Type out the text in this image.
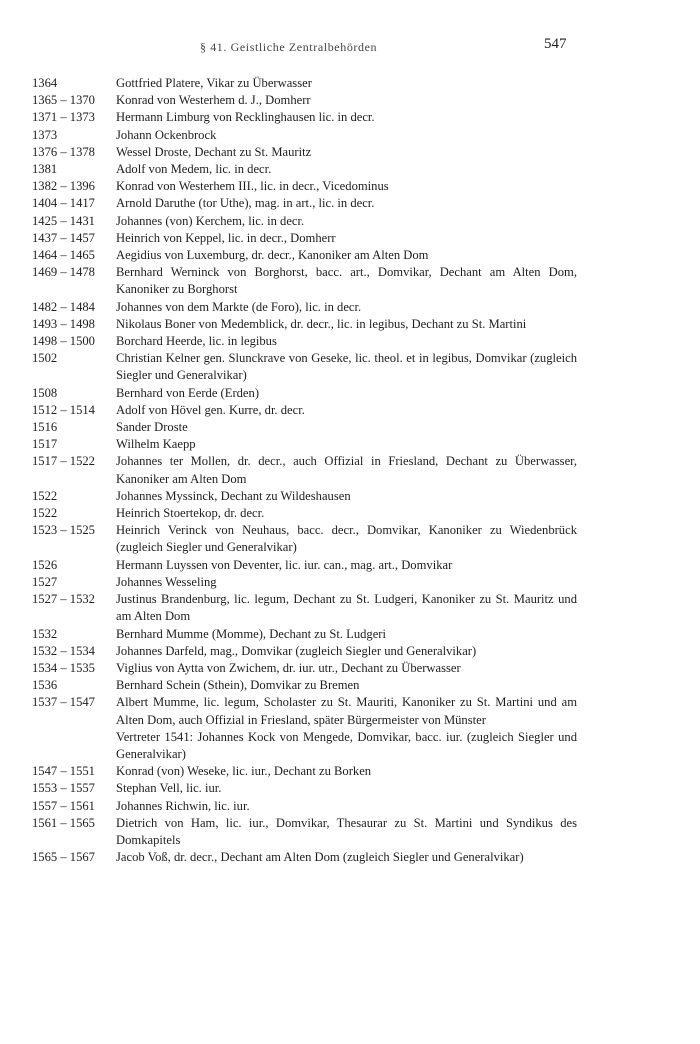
§ 41. Geistliche Zentralbehörden	547
1364	Gottfried Platere, Vikar zu Überwasser
1365 – 1370	Konrad von Westerhem d. J., Domherr
1371 – 1373	Hermann Limburg von Recklinghausen lic. in decr.
1373	Johann Ockenbrock
1376 – 1378	Wessel Droste, Dechant zu St. Mauritz
1381	Adolf von Medem, lic. in decr.
1382 – 1396	Konrad von Westerhem III., lic. in decr., Vicedominus
1404 – 1417	Arnold Daruthe (tor Uthe), mag. in art., lic. in decr.
1425 – 1431	Johannes (von) Kerchem, lic. in decr.
1437 – 1457	Heinrich von Keppel, lic. in decr., Domherr
1464 – 1465	Aegidius von Luxemburg, dr. decr., Kanoniker am Alten Dom
1469 – 1478	Bernhard Werninck von Borghorst, bacc. art., Domvikar, Dechant am Alten Dom, Kanoniker zu Borghorst
1482 – 1484	Johannes von dem Markte (de Foro), lic. in decr.
1493 – 1498	Nikolaus Boner von Medemblick, dr. decr., lic. in legibus, Dechant zu St. Martini
1498 – 1500	Borchard Heerde, lic. in legibus
1502	Christian Kelner gen. Slunckrave von Geseke, lic. theol. et in legibus, Domvikar (zugleich Siegler und Generalvikar)
1508	Bernhard von Eerde (Erden)
1512 – 1514	Adolf von Hövel gen. Kurre, dr. decr.
1516	Sander Droste
1517	Wilhelm Kaepp
1517 – 1522	Johannes ter Mollen, dr. decr., auch Offizial in Friesland, Dechant zu Überwasser, Kanoniker am Alten Dom
1522	Johannes Myssinck, Dechant zu Wildeshausen
1522	Heinrich Stoertekop, dr. decr.
1523 – 1525	Heinrich Verinck von Neuhaus, bacc. decr., Domvikar, Kanoniker zu Wiedenbrück (zugleich Siegler und Generalvikar)
1526	Hermann Luyssen von Deventer, lic. iur. can., mag. art., Domvikar
1527	Johannes Wesseling
1527 – 1532	Justinus Brandenburg, lic. legum, Dechant zu St. Ludgeri, Kanoniker zu St. Mauritz und am Alten Dom
1532	Bernhard Mumme (Momme), Dechant zu St. Ludgeri
1532 – 1534	Johannes Darfeld, mag., Domvikar (zugleich Siegler und Generalvikar)
1534 – 1535	Viglius von Aytta von Zwichem, dr. iur. utr., Dechant zu Überwasser
1536	Bernhard Schein (Sthein), Domvikar zu Bremen
1537 – 1547	Albert Mumme, lic. legum, Scholaster zu St. Mauriti, Kanoniker zu St. Martini und am Alten Dom, auch Offizial in Friesland, später Bürgermeister von Münster
Vertreter 1541: Johannes Kock von Mengede, Domvikar, bacc. iur. (zugleich Siegler und Generalvikar)
1547 – 1551	Konrad (von) Weseke, lic. iur., Dechant zu Borken
1553 – 1557	Stephan Vell, lic. iur.
1557 – 1561	Johannes Richwin, lic. iur.
1561 – 1565	Dietrich von Ham, lic. iur., Domvikar, Thesaurar zu St. Martini und Syndikus des Domkapitels
1565 – 1567	Jacob Voß, dr. decr., Dechant am Alten Dom (zugleich Siegler und Generalvikar)
